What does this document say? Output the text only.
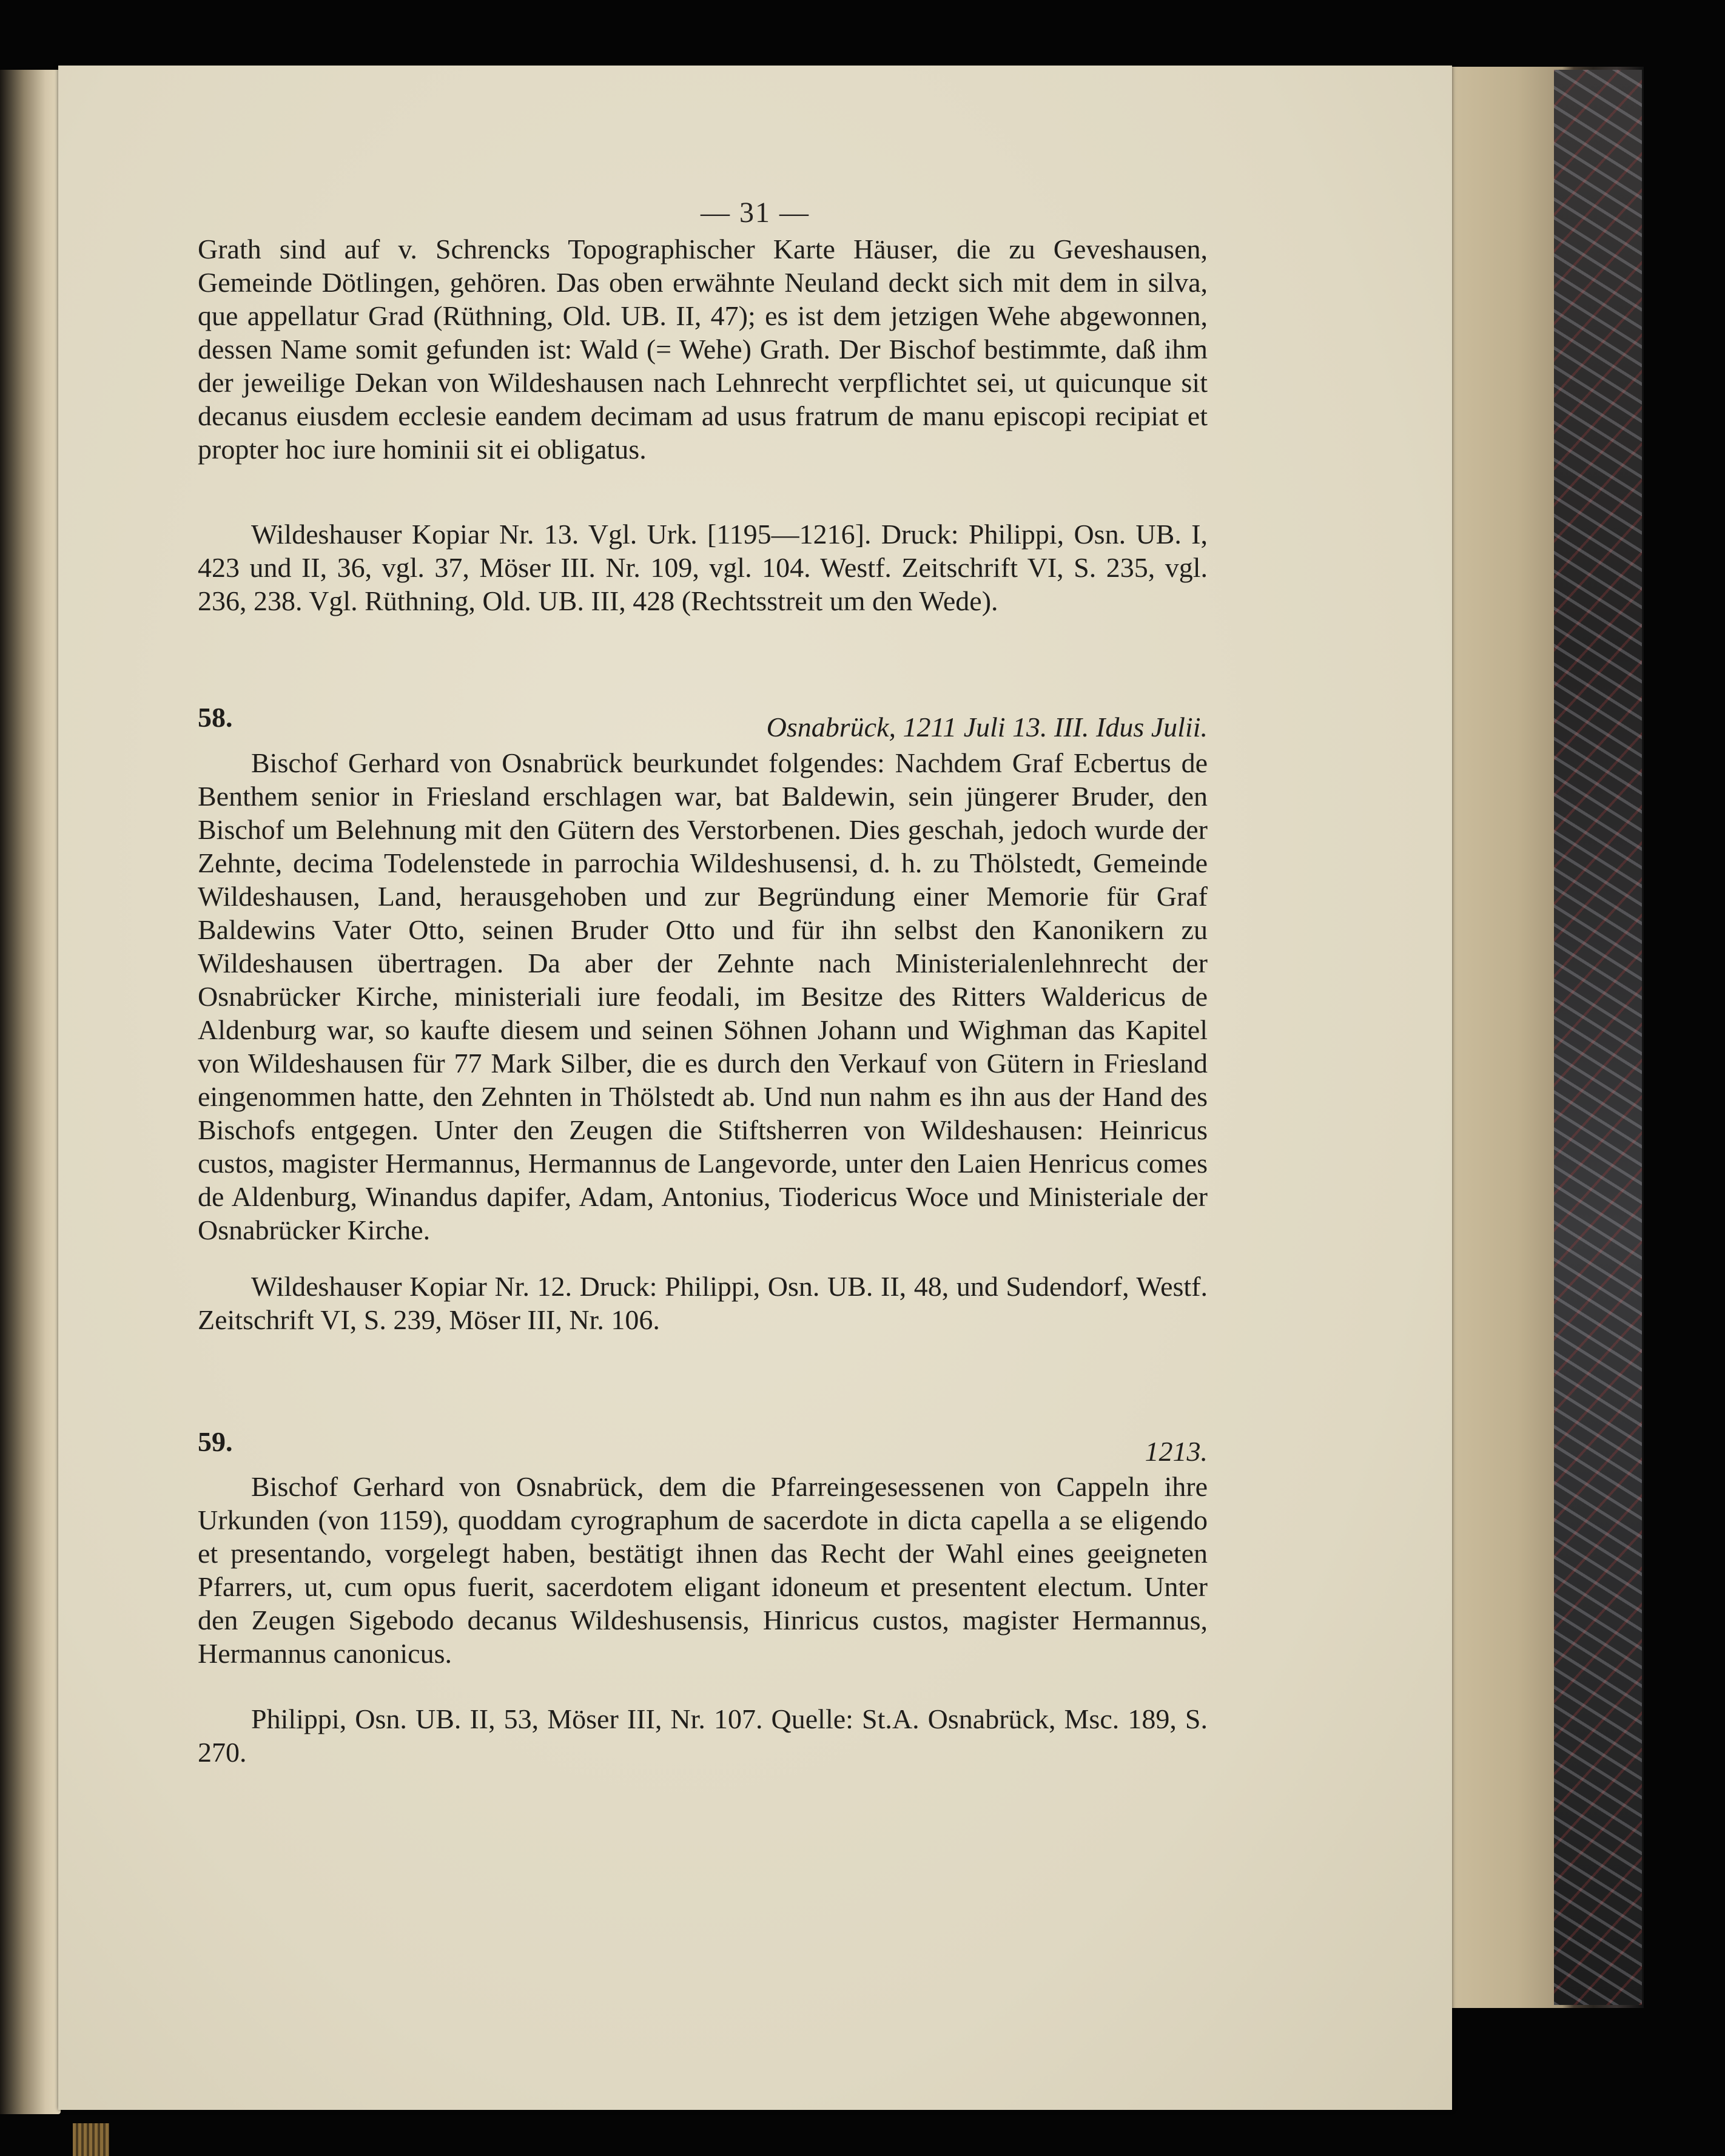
— 31 —

Grath sind auf v. Schrencks Topographischer Karte Häuser, die zu Geveshausen, Gemeinde Dötlingen, gehören. Das oben erwähnte Neuland deckt sich mit dem in silva, que appellatur Grad (Rüthning, Old. UB. II, 47); es ist dem jetzigen Wehe abgewonnen, dessen Name somit gefunden ist: Wald (= Wehe) Grath. Der Bischof bestimmte, daß ihm der jeweilige Dekan von Wildeshausen nach Lehnrecht verpflichtet sei, ut quicunque sit decanus eiusdem ecclesie eandem decimam ad usus fratrum de manu episcopi recipiat et propter hoc iure hominii sit ei obligatus.

Wildeshauser Kopiar Nr. 13. Vgl. Urk. [1195—1216]. Druck: Philippi, Osn. UB. I, 423 und II, 36, vgl. 37, Möser III. Nr. 109, vgl. 104. Westf. Zeitschrift VI, S. 235, vgl. 236, 238. Vgl. Rüthning, Old. UB. III, 428 (Rechtsstreit um den Wede).

58.	Osnabrück, 1211 Juli 13. III. Idus Julii.

Bischof Gerhard von Osnabrück beurkundet folgendes: Nachdem Graf Ecbertus de Benthem senior in Friesland erschlagen war, bat Baldewin, sein jüngerer Bruder, den Bischof um Belehnung mit den Gütern des Verstorbenen. Dies geschah, jedoch wurde der Zehnte, decima Todelenstede in parrochia Wildeshusensi, d. h. zu Thölstedt, Gemeinde Wildeshausen, Land, herausgehoben und zur Begründung einer Memorie für Graf Baldewins Vater Otto, seinen Bruder Otto und für ihn selbst den Kanonikern zu Wildeshausen übertragen. Da aber der Zehnte nach Ministerialenlehnrecht der Osnabrücker Kirche, ministeriali iure feodali, im Besitze des Ritters Waldericus de Aldenburg war, so kaufte diesem und seinen Söhnen Johann und Wighman das Kapitel von Wildeshausen für 77 Mark Silber, die es durch den Verkauf von Gütern in Friesland eingenommen hatte, den Zehnten in Thölstedt ab. Und nun nahm es ihn aus der Hand des Bischofs entgegen. Unter den Zeugen die Stiftsherren von Wildeshausen: Heinricus custos, magister Hermannus, Hermannus de Langevorde, unter den Laien Henricus comes de Aldenburg, Winandus dapifer, Adam, Antonius, Tiodericus Woce und Ministeriale der Osnabrücker Kirche.

Wildeshauser Kopiar Nr. 12. Druck: Philippi, Osn. UB. II, 48, und Sudendorf, Westf. Zeitschrift VI, S. 239, Möser III, Nr. 106.

59.	1213.

Bischof Gerhard von Osnabrück, dem die Pfarreingesessenen von Cappeln ihre Urkunden (von 1159), quoddam cyrographum de sacerdote in dicta capella a se eligendo et presentando, vorgelegt haben, bestätigt ihnen das Recht der Wahl eines geeigneten Pfarrers, ut, cum opus fuerit, sacerdotem eligant idoneum et presentent electum. Unter den Zeugen Sigebodo decanus Wildeshusensis, Hinricus custos, magister Hermannus, Hermannus canonicus.

Philippi, Osn. UB. II, 53, Möser III, Nr. 107. Quelle: St.A. Osnabrück, Msc. 189, S. 270.
